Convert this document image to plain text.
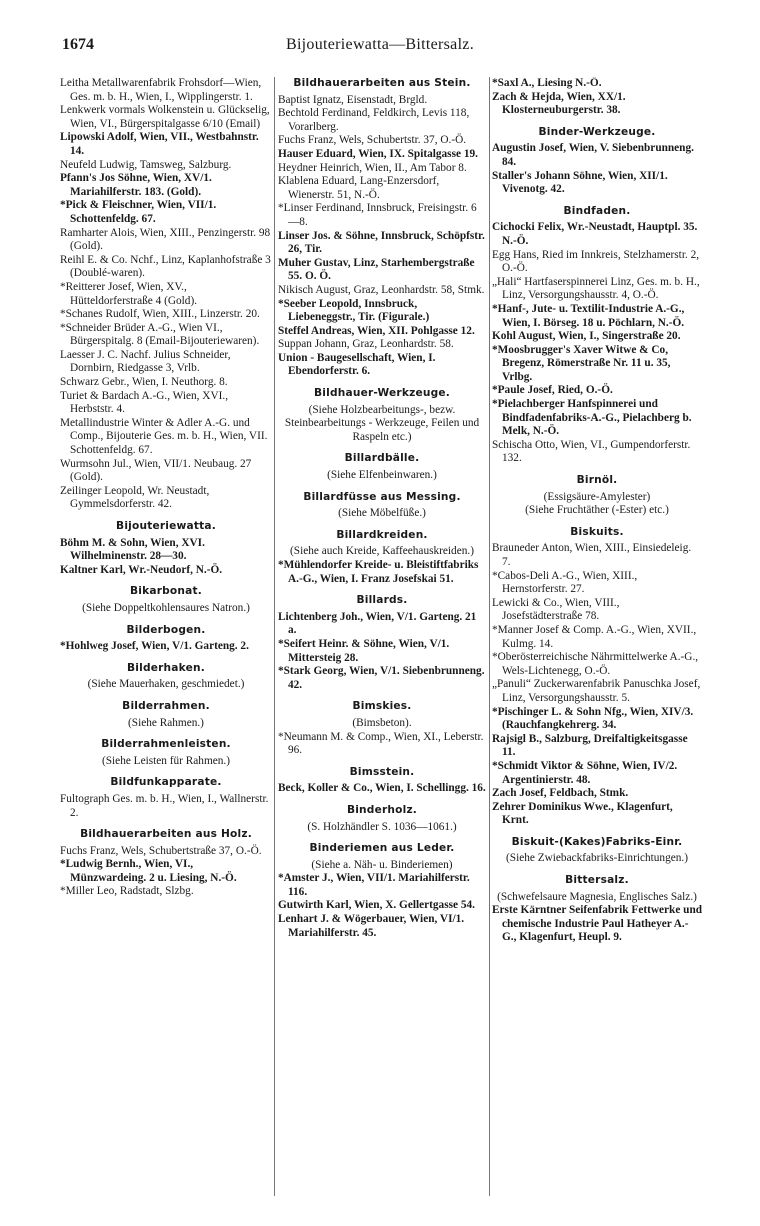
1674	Bijouteriewatta—Bittersalz.

Leitha Metallwarenfabrik Frohsdorf—Wien, Ges. m. b. H., Wien, I., Wipplingerstr. 1.

Lenkwerk vormals Wolkenstein u. Glückselig, Wien, VI., Bürgerspitalgasse 6/10 (Email)

Lipowski Adolf, Wien, VII., Westbahnstr. 14.

Neufeld Ludwig, Tamsweg, Salzburg.

Pfann's Jos Söhne, Wien, XV/1. Mariahilferstr. 183. (Gold).

*Pick & Fleischner, Wien, VII/1. Schottenfeldg. 67.

Ramharter Alois, Wien, XIII., Penzingerstr. 98 (Gold).

Reihl E. & Co. Nchf., Linz, Kaplanhofstraße 3 (Doublé-waren).

*Reitterer Josef, Wien, XV., Hütteldorferstraße 4 (Gold).

*Schanes Rudolf, Wien, XIII., Linzerstr. 20.

*Schneider Brüder A.-G., Wien VI., Bürgerspitalg. 8 (Email-Bijouteriewaren).

Laesser J. C. Nachf. Julius Schneider, Dornbirn, Riedgasse 3, Vrlb.

Schwarz Gebr., Wien, I. Neuthorg. 8.

Turiet & Bardach A.-G., Wien, XVI., Herbststr. 4.

Metallindustrie Winter & Adler A.-G. und Comp., Bijouterie Ges. m. b. H., Wien, VII. Schottenfeldg. 67.

Wurmsohn Jul., Wien, VII/1. Neubaug. 27 (Gold).

Zeilinger Leopold, Wr. Neustadt, Gymmelsdorferstr. 42.

Bijouteriewatta.

Böhm M. & Sohn, Wien, XVI. Wilhelminenstr. 28—30.

Kaltner Karl, Wr.-Neudorf, N.-Ö.

Bikarbonat.

(Siehe Doppeltkohlensaures Natron.)

Bilderbogen.

*Hohlweg Josef, Wien, V/1. Garteng. 2.

Bilderhaken.

(Siehe Mauerhaken, geschmiedet.)

Bilderrahmen.

(Siehe Rahmen.)

Bilderrahmenleisten.

(Siehe Leisten für Rahmen.)

Bildfunkapparate.

Fultograph Ges. m. b. H., Wien, I., Wallnerstr. 2.

Bildhauerarbeiten aus Holz.

Fuchs Franz, Wels, Schubertstraße 37, O.-Ö.

*Ludwig Bernh., Wien, VI., Münzwardeing. 2 u. Liesing, N.-Ö.

*Miller Leo, Radstadt, Slzbg.

Bildhauerarbeiten aus Stein.

Baptist Ignatz, Eisenstadt, Brgld.

Bechtold Ferdinand, Feldkirch, Levis 118, Vorarlberg.

Fuchs Franz, Wels, Schubertstr. 37, O.-Ö.

Hauser Eduard, Wien, IX. Spitalgasse 19.

Heydner Heinrich, Wien, II., Am Tabor 8.

Klablena Eduard, Lang-Enzersdorf, Wienerstr. 51, N.-Ö.

*Linser Ferdinand, Innsbruck, Freisingstr. 6—8.

Linser Jos. & Söhne, Innsbruck, Schöpfstr. 26, Tir.

Muher Gustav, Linz, Starhembergstraße 55. O. Ö.

Nikisch August, Graz, Leonhardstr. 58, Stmk.

*Seeber Leopold, Innsbruck, Liebeneggstr., Tir. (Figurale.)

Steffel Andreas, Wien, XII. Pohlgasse 12.

Suppan Johann, Graz, Leonhardstr. 58.

Union - Baugesellschaft, Wien, I. Ebendorferstr. 6.

Bildhauer-Werkzeuge.

(Siehe Holzbearbeitungs-, bezw. Steinbearbeitungs - Werkzeuge, Feilen und Raspeln etc.)

Billardbälle.

(Siehe Elfenbeinwaren.)

Billardfüsse aus Messing.

(Siehe Möbelfüße.)

Billardkreiden.

(Siehe auch Kreide, Kaffeehauskreiden.)

*Mühlendorfer Kreide- u. Bleistiftfabriks A.-G., Wien, I. Franz Josefskai 51.

Billards.

Lichtenberg Joh., Wien, V/1. Garteng. 21 a.

*Seifert Heinr. & Söhne, Wien, V/1. Mittersteig 28.

*Stark Georg, Wien, V/1. Siebenbrunneng. 42.

Bimskies.

(Bimsbeton).

*Neumann M. & Comp., Wien, XI., Leberstr. 96.

Bimsstein.

Beck, Koller & Co., Wien, I. Schellingg. 16.

Binderholz.

(S. Holzhändler S. 1036—1061.)

Binderiemen aus Leder.

(Siehe a. Näh- u. Binderiemen)

*Amster J., Wien, VII/1. Mariahilferstr. 116.

Gutwirth Karl, Wien, X. Gellertgasse 54.

Lenhart J. & Wögerbauer, Wien, VI/1. Mariahilferstr. 45.

*Saxl A., Liesing N.-Ö.

Zach & Hejda, Wien, XX/1. Klosterneuburgerstr. 38.

Binder-Werkzeuge.

Augustin Josef, Wien, V. Siebenbrunneng. 84.

Staller's Johann Söhne, Wien, XII/1. Vivenotg. 42.

Bindfaden.

Cichocki Felix, Wr.-Neustadt, Hauptpl. 35. N.-Ö.

Egg Hans, Ried im Innkreis, Stelzhamerstr. 2, O.-Ö.

„Hali“ Hartfaserspinnerei Linz, Ges. m. b. H., Linz, Versorgungshausstr. 4, O.-Ö.

*Hanf-, Jute- u. Textilit-Industrie A.-G., Wien, I. Börseg. 18 u. Pöchlarn, N.-Ö.

Kohl August, Wien, I., Singerstraße 20.

*Moosbrugger's Xaver Witwe & Co, Bregenz, Römerstraße Nr. 11 u. 35, Vrlbg.

*Paule Josef, Ried, O.-Ö.

*Pielachberger Hanfspinnerei und Bindfadenfabriks-A.-G., Pielachberg b. Melk, N.-Ö.

Schischa Otto, Wien, VI., Gumpendorferstr. 132.

Birnöl.

(Essigsäure-Amylester)

(Siehe Fruchtäther (-Ester) etc.)

Biskuits.

Brauneder Anton, Wien, XIII., Einsiedeleig. 7.

*Cabos-Deli A.-G., Wien, XIII., Hernstorferstr. 27.

Lewicki & Co., Wien, VIII., Josefstädterstraße 78.

*Manner Josef & Comp. A.-G., Wien, XVII., Kulmg. 14.

*Oberösterreichische Nährmittelwerke A.-G., Wels-Lichtenegg, O.-Ö.

„Panuli“ Zuckerwarenfabrik Panuschka Josef, Linz, Versorgungshausstr. 5.

*Pischinger L. & Sohn Nfg., Wien, XIV/3. (Rauchfangkehrerg. 34.

Rajsigl B., Salzburg, Dreifaltigkeitsgasse 11.

*Schmidt Viktor & Söhne, Wien, IV/2. Argentinierstr. 48.

Zach Josef, Feldbach, Stmk.

Zehrer Dominikus Wwe., Klagenfurt, Krnt.

Biskuit-(Kakes)Fabriks-Einr.

(Siehe Zwiebackfabriks-Einrichtungen.)

Bittersalz.

(Schwefelsaure Magnesia, Englisches Salz.)

Erste Kärntner Seifenfabrik Fettwerke und chemische Industrie Paul Hatheyer A.-G., Klagenfurt, Heupl. 9.
